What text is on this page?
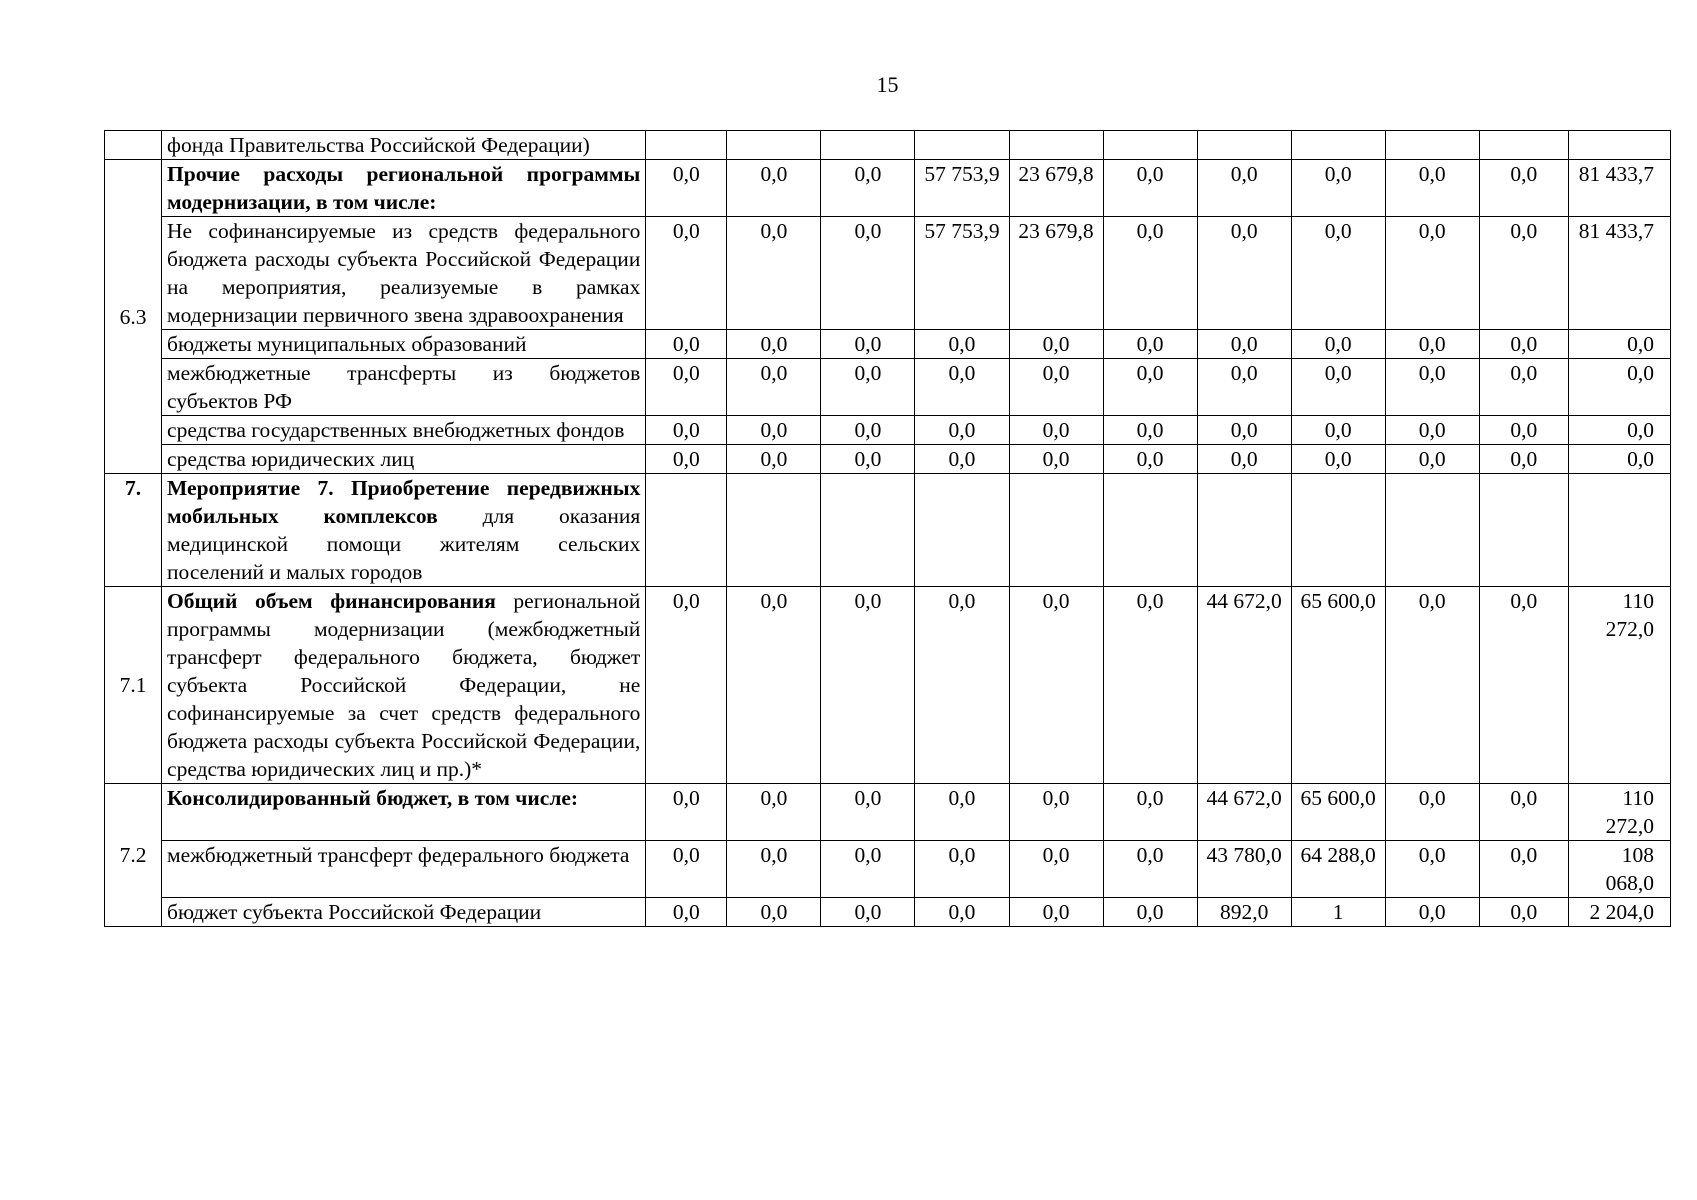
15
	фонда Правительства Российской Федерации)											
6.3	Прочие расходы региональной программы модернизации, в том числе:	0,0	0,0	0,0	57 753,9	23 679,8	0,0	0,0	0,0	0,0	0,0	81 433,7
	Не софинансируемые из средств федерального бюджета расходы субъекта Российской Федерации на мероприятия, реализуемые в рамках модернизации первичного звена здравоохранения	0,0	0,0	0,0	57 753,9	23 679,8	0,0	0,0	0,0	0,0	0,0	81 433,7
	бюджеты муниципальных образований	0,0	0,0	0,0	0,0	0,0	0,0	0,0	0,0	0,0	0,0	0,0
	межбюджетные трансферты из бюджетов субъектов РФ	0,0	0,0	0,0	0,0	0,0	0,0	0,0	0,0	0,0	0,0	0,0
	средства государственных внебюджетных фондов	0,0	0,0	0,0	0,0	0,0	0,0	0,0	0,0	0,0	0,0	0,0
	средства юридических лиц	0,0	0,0	0,0	0,0	0,0	0,0	0,0	0,0	0,0	0,0	0,0
7.	Мероприятие 7. Приобретение передвижных мобильных комплексов для оказания медицинской помощи жителям сельских поселений и малых городов											
7.1	Общий объем финансирования региональной программы модернизации (межбюджетный трансферт федерального бюджета, бюджет субъекта Российской Федерации, не софинансируемые за счет средств федерального бюджета расходы субъекта Российской Федерации, средства юридических лиц и пр.)*	0,0	0,0	0,0	0,0	0,0	0,0	44 672,0	65 600,0	0,0	0,0	110 272,0
7.2	Консолидированный бюджет, в том числе:	0,0	0,0	0,0	0,0	0,0	0,0	44 672,0	65 600,0	0,0	0,0	110 272,0
	межбюджетный трансферт федерального бюджета	0,0	0,0	0,0	0,0	0,0	0,0	43 780,0	64 288,0	0,0	0,0	108 068,0
	бюджет субъекта Российской Федерации	0,0	0,0	0,0	0,0	0,0	0,0	892,0	1	0,0	0,0	2 204,0
